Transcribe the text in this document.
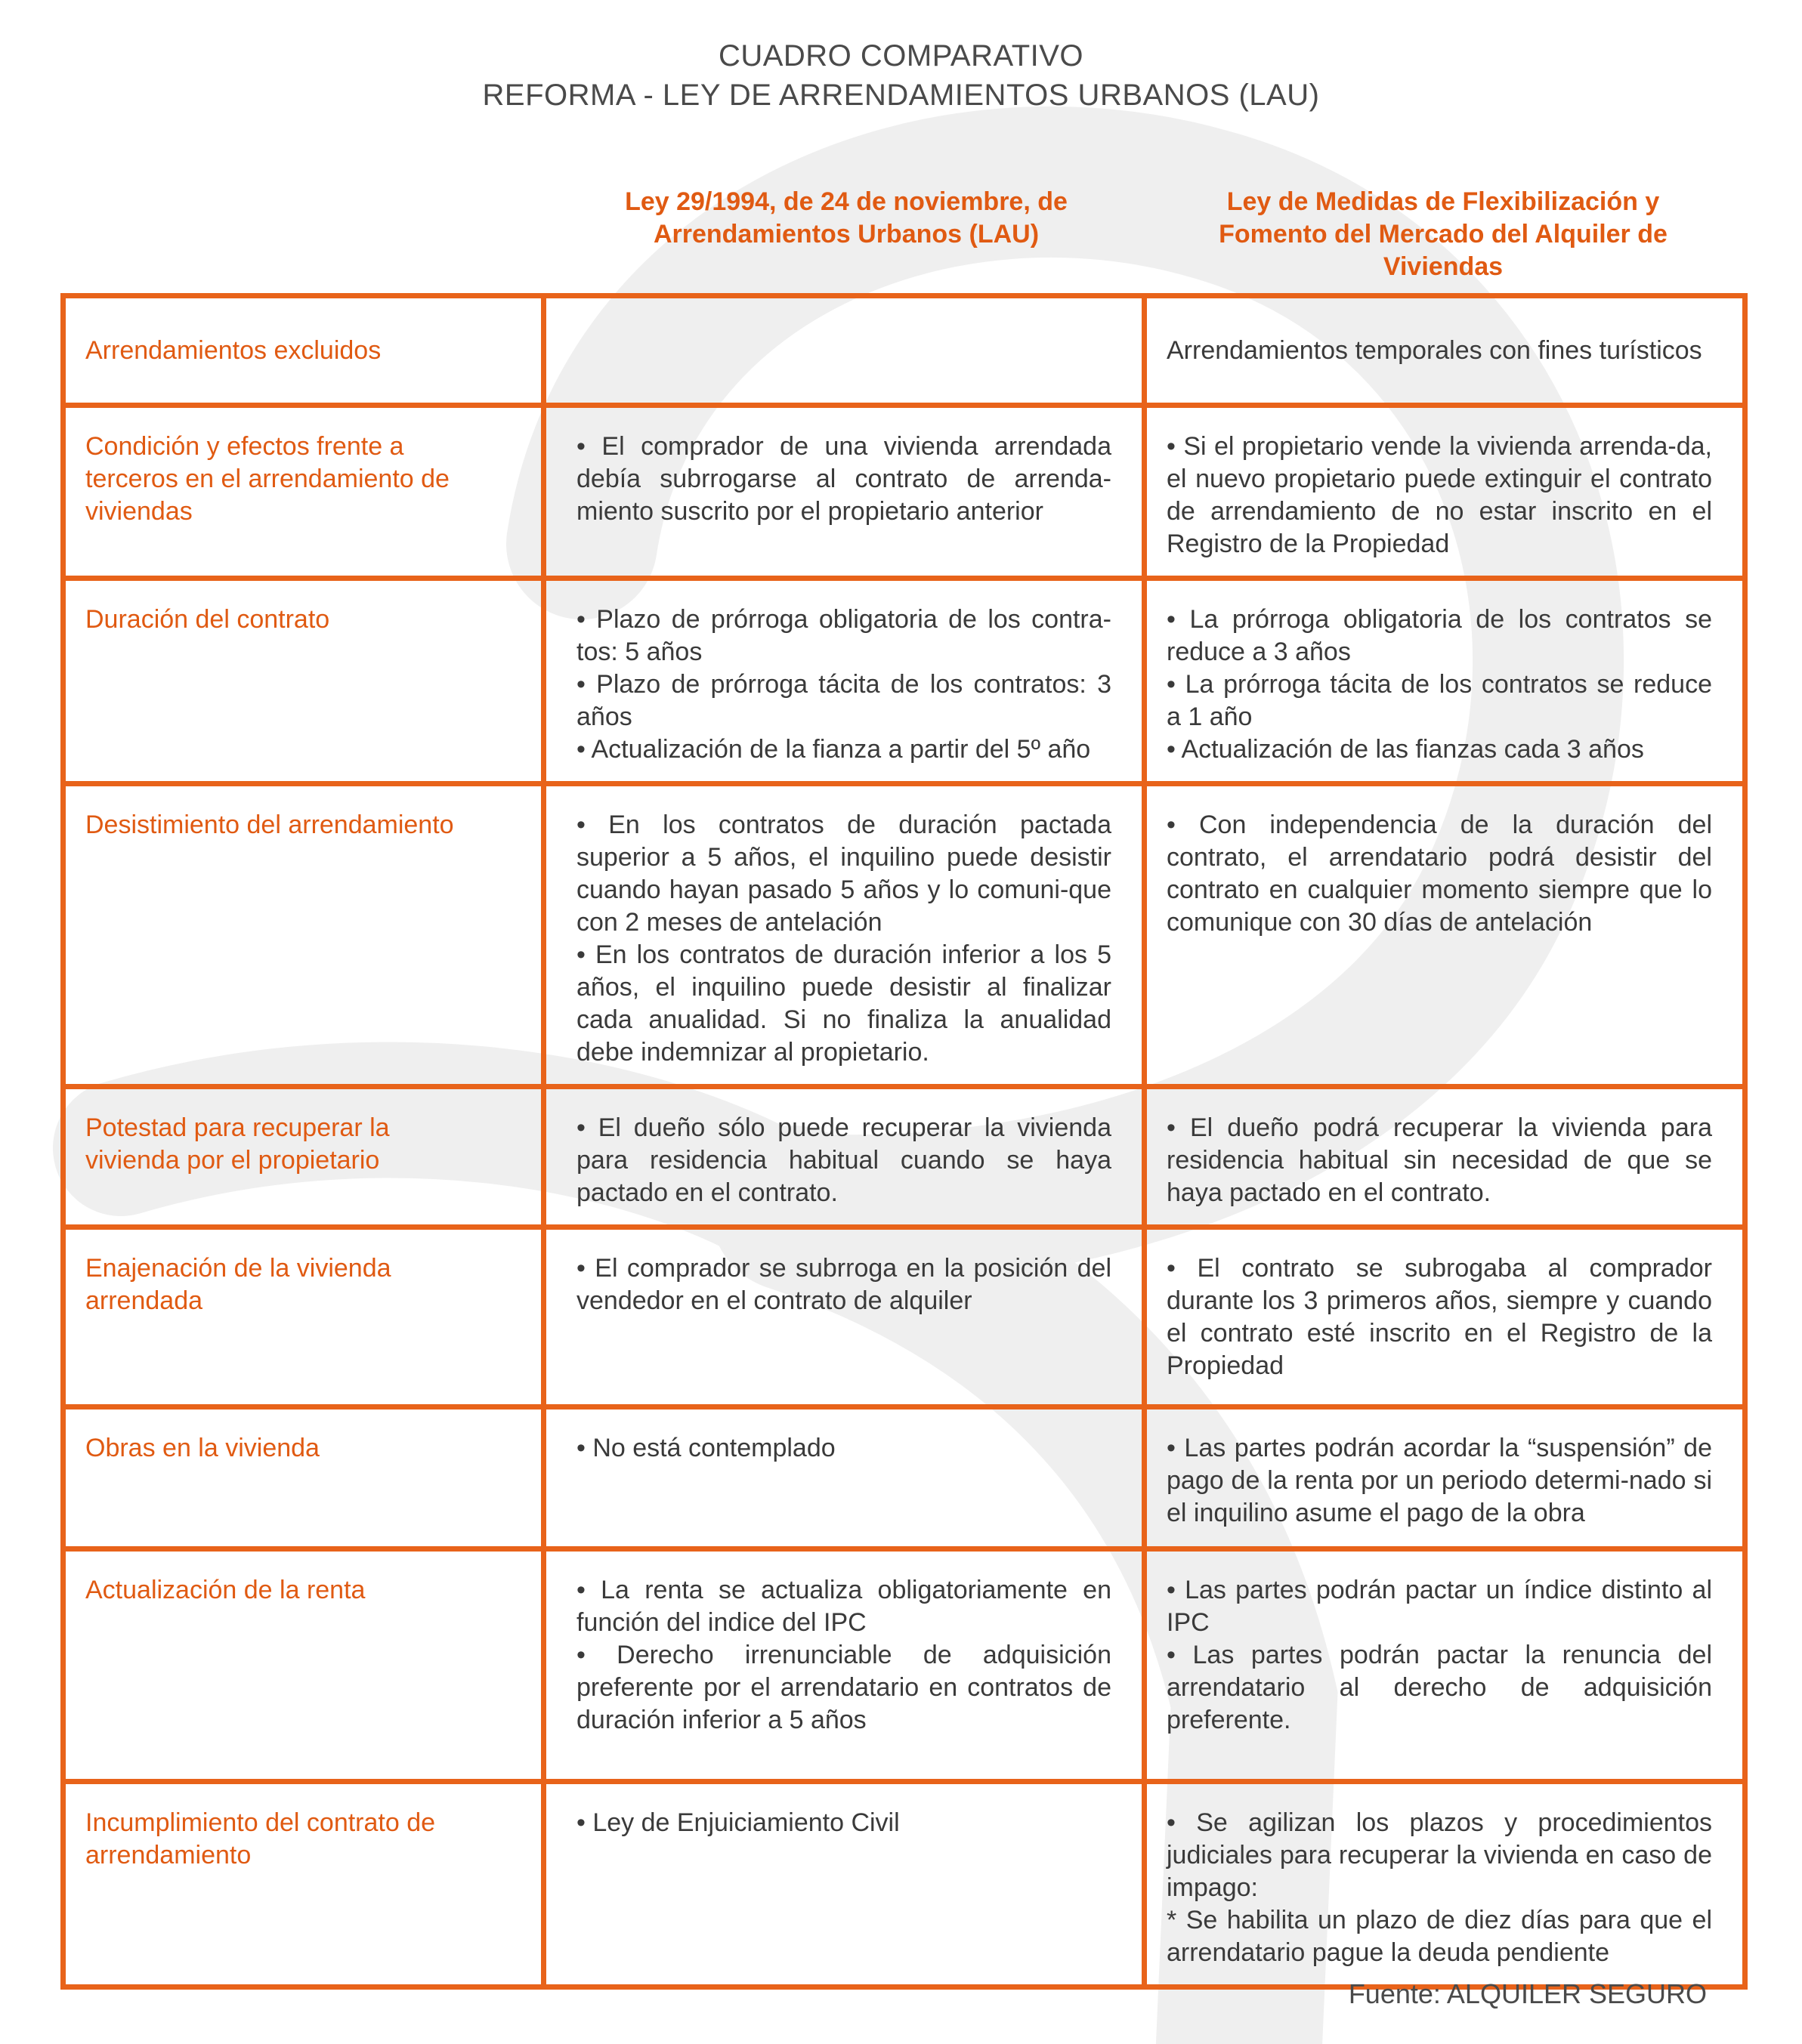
CUADRO COMPARATIVO
REFORMA - LEY DE ARRENDAMIENTOS URBANOS (LAU)
Ley 29/1994, de 24 de noviembre, de
Arrendamientos Urbanos (LAU)
Ley de Medidas de Flexibilización y
Fomento del Mercado del Alquiler de
Viviendas
Arrendamientos excluidos		Arrendamientos temporales con fines turísticos

Condición y efectos frente a
terceros en el arrendamiento de
viviendas	• El comprador de una vivienda arrendada debía subrrogarse al contrato de arrenda-miento suscrito por el propietario anterior	• Si el propietario vende la vivienda arrenda-da, el nuevo propietario puede extinguir el contrato de arrendamiento de no estar inscrito en el Registro de la Propiedad

Duración del contrato	• Plazo de prórroga obligatoria de los contra-tos: 5 años
• Plazo de prórroga tácita de los contratos: 3 años
• Actualización de la fianza a partir del 5º año	• La prórroga obligatoria de los contratos se reduce a 3 años
• La prórroga tácita de los contratos se reduce a 1 año
• Actualización de las fianzas cada 3 años

Desistimiento del arrendamiento	• En los contratos de duración pactada superior a 5 años, el inquilino puede desistir cuando hayan pasado 5 años y lo comuni-que con 2 meses de antelación
• En los contratos de duración inferior a los 5 años, el inquilino puede desistir al finalizar cada anualidad. Si no finaliza la anualidad debe indemnizar al propietario.	• Con independencia de la duración del contrato, el arrendatario podrá desistir del contrato en cualquier momento siempre que lo comunique con 30 días de antelación

Potestad para recuperar la
vivienda por el propietario	• El dueño sólo puede recuperar la vivienda para residencia habitual cuando se haya pactado en el contrato.	• El dueño podrá recuperar la vivienda para residencia habitual sin necesidad de que se haya pactado en el contrato.

Enajenación de la vivienda
arrendada	• El comprador se subrroga en la posición del vendedor en el contrato de alquiler	• El contrato se subrogaba al comprador durante los 3 primeros años, siempre y cuando el contrato esté inscrito en el Registro de la Propiedad

Obras en la vivienda	• No está contemplado	• Las partes podrán acordar la “suspensión” de pago de la renta por un periodo determi-nado si el inquilino asume el pago de la obra

Actualización de la renta	• La renta se actualiza obligatoriamente en función del indice del IPC
• Derecho irrenunciable de adquisición preferente por el arrendatario en contratos de duración inferior a 5 años	• Las partes podrán pactar un índice distinto al IPC
• Las partes podrán pactar la renuncia del arrendatario al derecho de adquisición preferente.

Incumplimiento del contrato de
arrendamiento	• Ley de Enjuiciamiento Civil	• Se agilizan los plazos y procedimientos judiciales para recuperar la vivienda en caso de impago:
* Se habilita un plazo de diez días para que el arrendatario pague la deuda pendiente
Fuente: ALQUILER SEGURO
